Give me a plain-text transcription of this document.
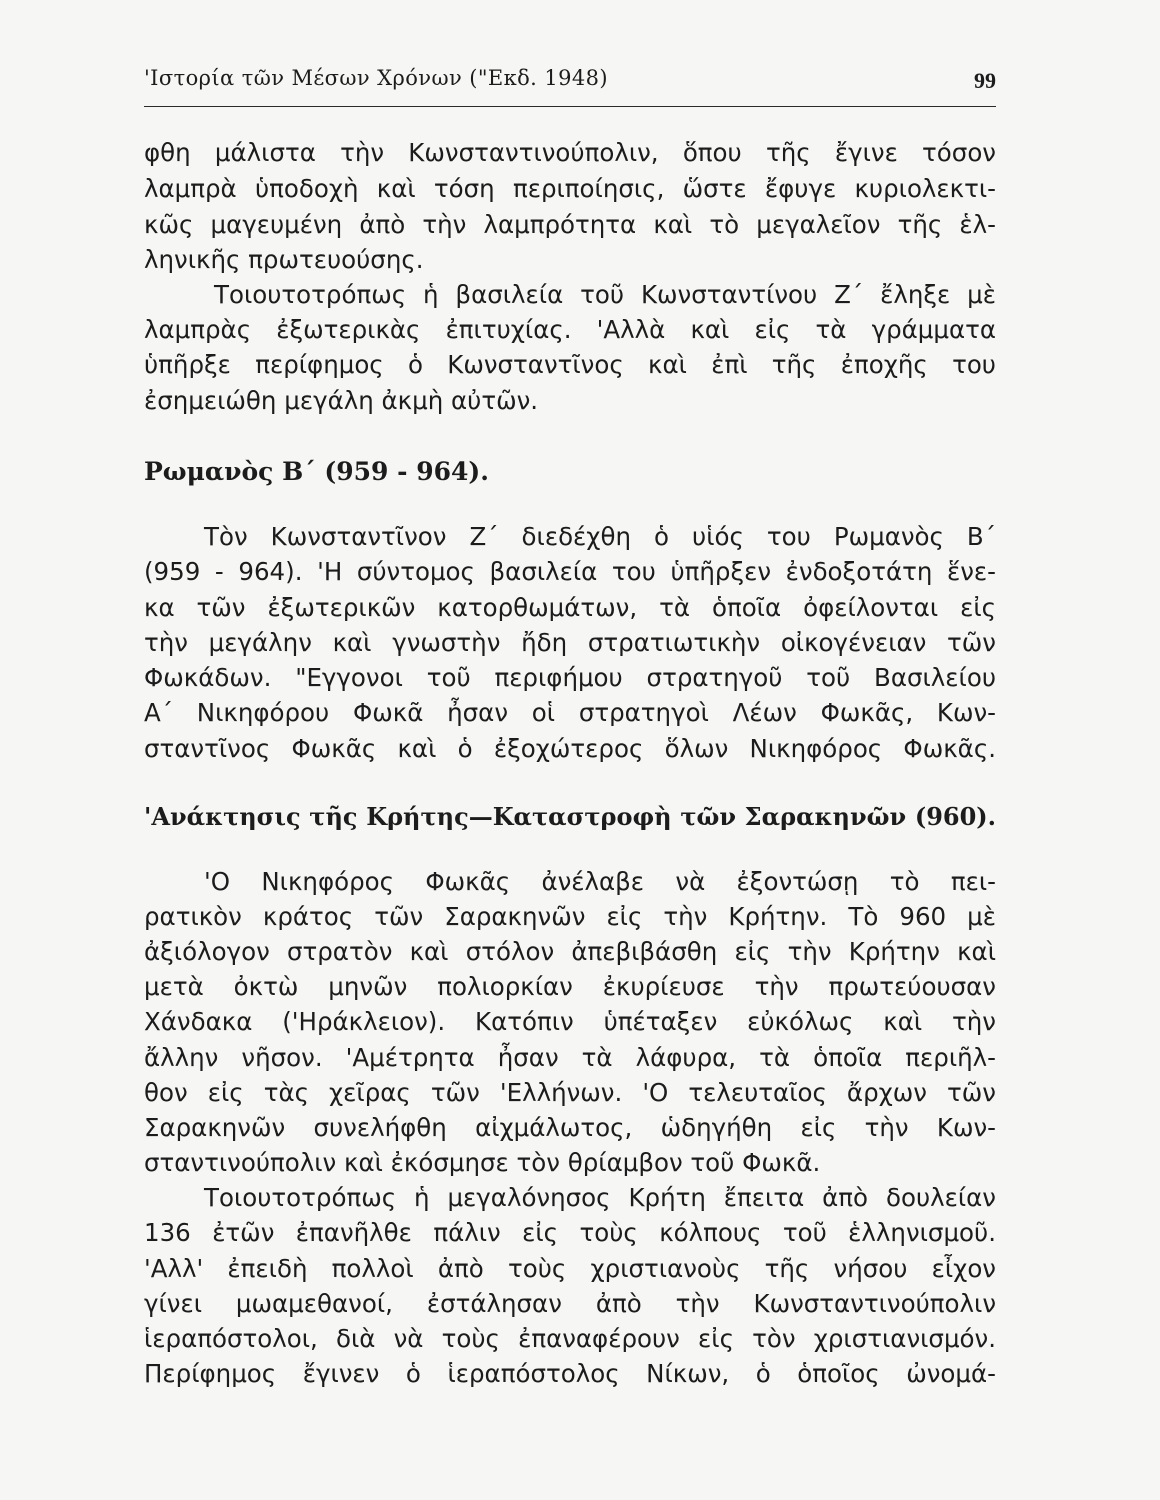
'Ιστορία τῶν Μέσων Χρόνων ("Εκδ. 1948)	99
φθη μάλιστα τὴν Κωνσταντινούπολιν, ὅπου τῆς ἔγινε τόσον
λαμπρὰ ὑποδοχὴ καὶ τόση περιποίησις, ὥστε ἔφυγε κυριολεκτι-
κῶς μαγευμένη ἀπὸ τὴν λαμπρότητα καὶ τὸ μεγαλεῖον τῆς ἑλ-
ληνικῆς πρωτευούσης.
Τοιουτοτρόπως ἡ βασιλεία τοῦ Κωνσταντίνου Ζ΄ ἔληξε μὲ
λαμπρὰς ἐξωτερικὰς ἐπιτυχίας. 'Αλλὰ καὶ εἰς τὰ γράμματα
ὑπῆρξε περίφημος ὁ Κωνσταντῖνος καὶ ἐπὶ τῆς ἐποχῆς του
ἐσημειώθη μεγάλη ἀκμὴ αὐτῶν.
Ρωμανὸς Β΄ (959 - 964).
Τὸν Κωνσταντῖνον Ζ΄ διεδέχθη ὁ υἱός του Ρωμανὸς Β΄
(959 - 964). 'Η σύντομος βασιλεία του ὑπῆρξεν ἐνδοξοτάτη ἕνε-
κα τῶν ἐξωτερικῶν κατορθωμάτων, τὰ ὁποῖα ὀφείλονται εἰς
τὴν μεγάλην καὶ γνωστὴν ἤδη στρατιωτικὴν οἰκογένειαν τῶν
Φωκάδων. "Εγγονοι τοῦ περιφήμου στρατηγοῦ τοῦ Βασιλείου
Α΄ Νικηφόρου Φωκᾶ ἦσαν οἱ στρατηγοὶ Λέων Φωκᾶς, Κων-
σταντῖνος Φωκᾶς καὶ ὁ ἐξοχώτερος ὅλων Νικηφόρος Φωκᾶς.
'Ανάκτησις τῆς Κρήτης—Καταστροφὴ τῶν Σαρακηνῶν (960).
'Ο Νικηφόρος Φωκᾶς ἀνέλαβε νὰ ἐξοντώσῃ τὸ πει-
ρατικὸν κράτος τῶν Σαρακηνῶν εἰς τὴν Κρήτην. Τὸ 960 μὲ
ἀξιόλογον στρατὸν καὶ στόλον ἀπεβιβάσθη εἰς τὴν Κρήτην καὶ
μετὰ ὀκτὼ μηνῶν πολιορκίαν ἐκυρίευσε τὴν πρωτεύουσαν
Χάνδακα ('Ηράκλειον). Κατόπιν ὑπέταξεν εὐκόλως καὶ τὴν
ἄλλην νῆσον. 'Αμέτρητα ἦσαν τὰ λάφυρα, τὰ ὁποῖα περιῆλ-
θον εἰς τὰς χεῖρας τῶν 'Ελλήνων. 'Ο τελευταῖος ἄρχων τῶν
Σαρακηνῶν συνελήφθη αἰχμάλωτος, ὡδηγήθη εἰς τὴν Κων-
σταντινούπολιν καὶ ἐκόσμησε τὸν θρίαμβον τοῦ Φωκᾶ.
Τοιουτοτρόπως ἡ μεγαλόνησος Κρήτη ἔπειτα ἀπὸ δουλείαν
136 ἐτῶν ἐπανῆλθε πάλιν εἰς τοὺς κόλπους τοῦ ἑλληνισμοῦ.
'Αλλ' ἐπειδὴ πολλοὶ ἀπὸ τοὺς χριστιανοὺς τῆς νήσου εἶχον
γίνει μωαμεθανοί, ἐστάλησαν ἀπὸ τὴν Κωνσταντινούπολιν
ἱεραπόστολοι, διὰ νὰ τοὺς ἐπαναφέρουν εἰς τὸν χριστιανισμόν.
Περίφημος ἔγινεν ὁ ἱεραπόστολος Νίκων, ὁ ὁποῖος ὠνομά-
